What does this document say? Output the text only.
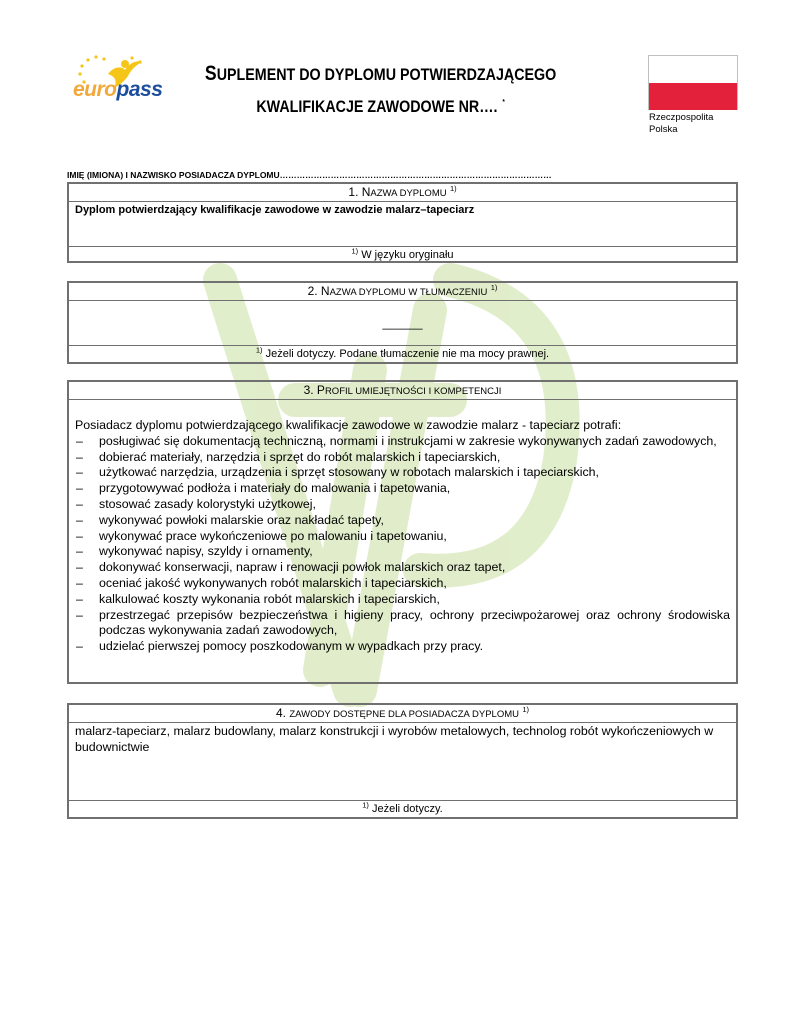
europass
SUPLEMENT DO DYPLOMU POTWIERDZAJĄCEGO
KWALIFIKACJE ZAWODOWE NR…. *
Rzeczpospolita
Polska
IMIĘ (IMIONA) I NAZWISKO POSIADACZA DYPLOMU……………………………………………………………………………………
1. NAZWA DYPLOMU $^{1)}$
Dyplom potwierdzający kwalifikacje zawodowe w zawodzie malarz–tapeciarz
$^{1)}$ W języku oryginału
2. NAZWA DYPLOMU W TŁUMACZENIU $^{1)}$
______
$^{1)}$ Jeżeli dotyczy. Podane tłumaczenie nie ma mocy prawnej.
3. PROFIL UMIEJĘTNOŚCI I KOMPETENCJI
Posiadacz dyplomu potwierdzającego kwalifikacje zawodowe w zawodzie malarz - tapeciarz potrafi:
– posługiwać się dokumentacją techniczną, normami i instrukcjami w zakresie wykonywanych zadań zawodowych,
– dobierać materiały, narzędzia i sprzęt do robót malarskich i tapeciarskich,
– użytkować narzędzia, urządzenia i sprzęt stosowany w robotach malarskich i tapeciarskich,
– przygotowywać podłoża i materiały do malowania i tapetowania,
– stosować zasady kolorystyki użytkowej,
– wykonywać powłoki malarskie oraz nakładać tapety,
– wykonywać prace wykończeniowe po malowaniu i tapetowaniu,
– wykonywać napisy, szyldy i ornamenty,
– dokonywać konserwacji, napraw i renowacji powłok malarskich oraz tapet,
– oceniać jakość wykonywanych robót malarskich i tapeciarskich,
– kalkulować koszty wykonania robót malarskich i tapeciarskich,
– przestrzegać przepisów bezpieczeństwa i higieny pracy, ochrony przeciwpożarowej oraz ochrony środowiska podczas wykonywania zadań zawodowych,
– udzielać pierwszej pomocy poszkodowanym w wypadkach przy pracy.
4. ZAWODY DOSTĘPNE DLA POSIADACZA DYPLOMU $^{1)}$
malarz-tapeciarz, malarz budowlany, malarz konstrukcji i wyrobów metalowych, technolog robót wykończeniowych w budownictwie
$^{1)}$ Jeżeli dotyczy.
